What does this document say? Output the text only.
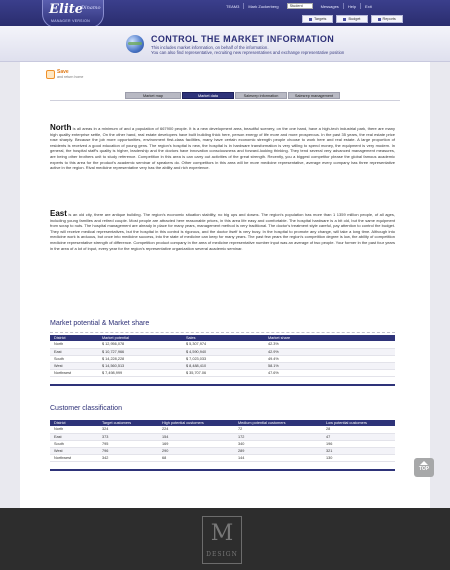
Elite
Dinamo
MANAGER VERSION
TEAM3	Mark Zuckerberg	Student	Messages	Help	Exit
Targets	Budget	Reports
CONTROL THE MARKET INFORMATION
This includes market information, on behalf of the information.
You can also find representative, recruiting new representatives and exchange representative position
Save
and return home
Market map	Market data	Salesrep information	Salesrep management
North is all areas in a minimum of and a population of 667900 people. It is a new development area, beautiful scenery, on the one hand, have a high-tech industrial park, there are many high quality enterprise settle, On the other hand, real estate developers have built building thick here, person energy of life more and more prosperous. In the past 35 years, the real estate price rose sharply. Because the job more opportunities, environment first-class facilities, many have certain economic strength people choose to work here and real estate. A large proportion of residents is received a good education of young gens. The region's hospital is new, the hospital is in hardware transformation is very willing to spend money, the equipment is very modern. In general, the hospital staff's quality is higher, leadership and the doctors have innovation consciousness and forward-looking thinking. They tend several very advanced management measures, are being other brothers unit to study reference. Competition in this area is can carry out activities of the great strength. Recently, you a biggest competitor please the global famous academic experts to this area for the product's academic seminar of speakers do. Other competitors in this area will be more medicine representative, average every company has three representative active in the region. Rival medicine representative very has the ability and rich experience.
East is an old city, there are antique building. The region's economic situation stability, no big ups and downs. The region's population has more than 1 1359 million people, of all ages, including young families and retired couple. Most people are attracted here reasonable prices, in this area life easy and comfortable. The hospital hardware is a bit old, but the same equipment from scrap to nuts. The hospital management are already in place for many years, management method is very traditional. The doctor's treatment style careful, pay attention to control the budget. They will receive medical representatives, but the hospital in this control is rigorous, and the doctor itself is very busy. In the hospital to promote any change, will take a long time. Although into medicine work is arduous, but once into medicine success, into the state of medicine can keep for many years. The past few years the region's competition degree is low, the ability of competition medicine representative strength of difference. Competition product company in the area of medicine representative number input was an average of two people. Your former in the past four years in the area of a lot of input, every year for the region's representative organization several academic seminar.
Market potential & Market share
District	Market potential	Sales	Market share
North	$ 12,956,078	$ 5,307,974	42.3%
East	$ 10,727,966	$ 4,590,940	42.9%
South	$ 14,228,228	$ 7,023,033	49.4%
West	$ 14,560,513	$ 8,488,410	58.1%
Northwest	$ 7,498,999	$ 35,707.06	47.6%
Customer classification
District	Target customers	High potential customers	Medium potential customers	Low potential customers
North	324	224	72	28
East	373	154	172	47
South	795	169	340	196
West	796	290	289	321
Northwest	342	68	144	130
TOP
M
DESIGN
